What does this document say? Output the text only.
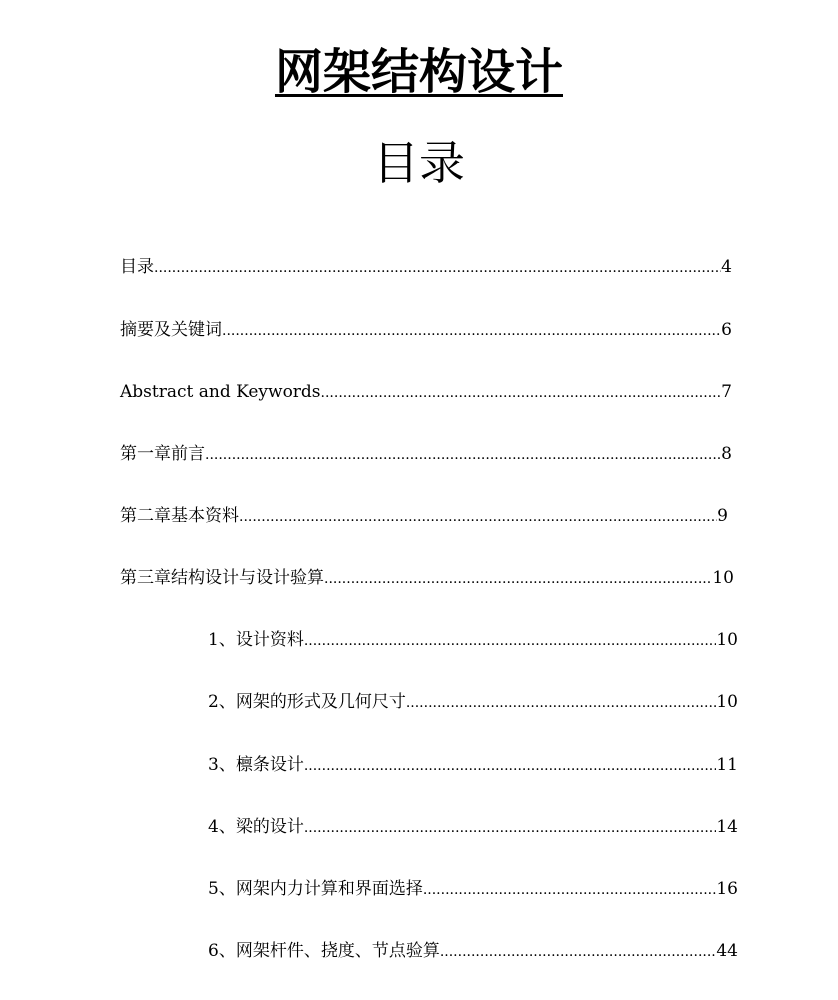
网架结构设计
目录
目录 .....	4
摘要及关键词 .....	6
Abstract and Keywords .....	7
第一章 前言 .....	8
第二章 基本资料 .....	9
第三章 结构设计与设计验算 .....	10
1、设计资料 .....	10
2、网架的形式及几何尺寸 .....	10
3、檩条设计 .....	11
4、梁的设计 .....	14
5、网架内力计算和界面选择 .....	16
6、网架杆件、挠度、节点验算 .....	44
